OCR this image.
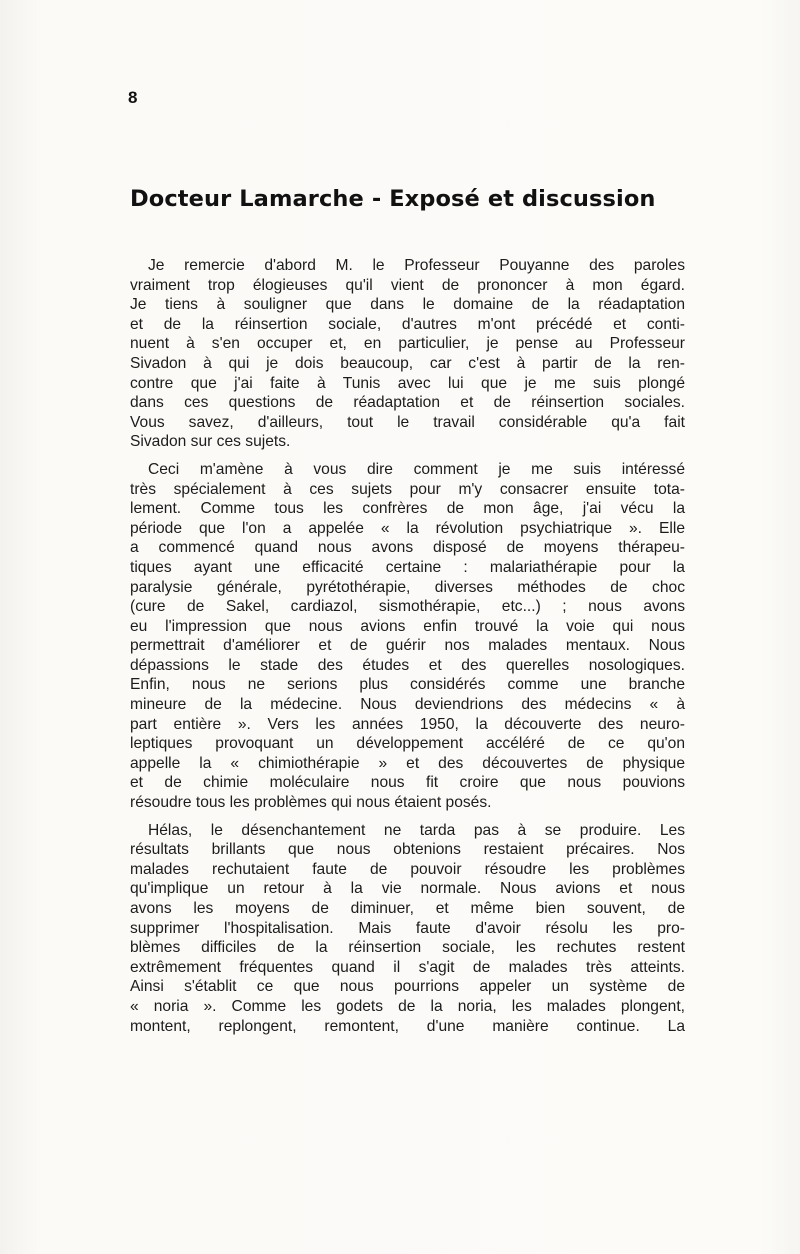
8
Docteur Lamarche - Exposé et discussion
Je remercie d'abord M. le Professeur Pouyanne des paroles
vraiment trop élogieuses qu'il vient de prononcer à mon égard.
Je tiens à souligner que dans le domaine de la réadaptation
et de la réinsertion sociale, d'autres m'ont précédé et conti-
nuent à s'en occuper et, en particulier, je pense au Professeur
Sivadon à qui je dois beaucoup, car c'est à partir de la ren-
contre que j'ai faite à Tunis avec lui que je me suis plongé
dans ces questions de réadaptation et de réinsertion sociales.
Vous savez, d'ailleurs, tout le travail considérable qu'a fait
Sivadon sur ces sujets.
Ceci m'amène à vous dire comment je me suis intéressé
très spécialement à ces sujets pour m'y consacrer ensuite tota-
lement. Comme tous les confrères de mon âge, j'ai vécu la
période que l'on a appelée « la révolution psychiatrique ». Elle
a commencé quand nous avons disposé de moyens thérapeu-
tiques ayant une efficacité certaine : malariathérapie pour la
paralysie générale, pyrétothérapie, diverses méthodes de choc
(cure de Sakel, cardiazol, sismothérapie, etc...) ; nous avons
eu l'impression que nous avions enfin trouvé la voie qui nous
permettrait d'améliorer et de guérir nos malades mentaux. Nous
dépassions le stade des études et des querelles nosologiques.
Enfin, nous ne serions plus considérés comme une branche
mineure de la médecine. Nous deviendrions des médecins « à
part entière ». Vers les années 1950, la découverte des neuro-
leptiques provoquant un développement accéléré de ce qu'on
appelle la « chimiothérapie » et des découvertes de physique
et de chimie moléculaire nous fit croire que nous pouvions
résoudre tous les problèmes qui nous étaient posés.
Hélas, le désenchantement ne tarda pas à se produire. Les
résultats brillants que nous obtenions restaient précaires. Nos
malades rechutaient faute de pouvoir résoudre les problèmes
qu'implique un retour à la vie normale. Nous avions et nous
avons les moyens de diminuer, et même bien souvent, de
supprimer l'hospitalisation. Mais faute d'avoir résolu les pro-
blèmes difficiles de la réinsertion sociale, les rechutes restent
extrêmement fréquentes quand il s'agit de malades très atteints.
Ainsi s'établit ce que nous pourrions appeler un système de
« noria ». Comme les godets de la noria, les malades plongent,
montent, replongent, remontent, d'une manière continue. La
